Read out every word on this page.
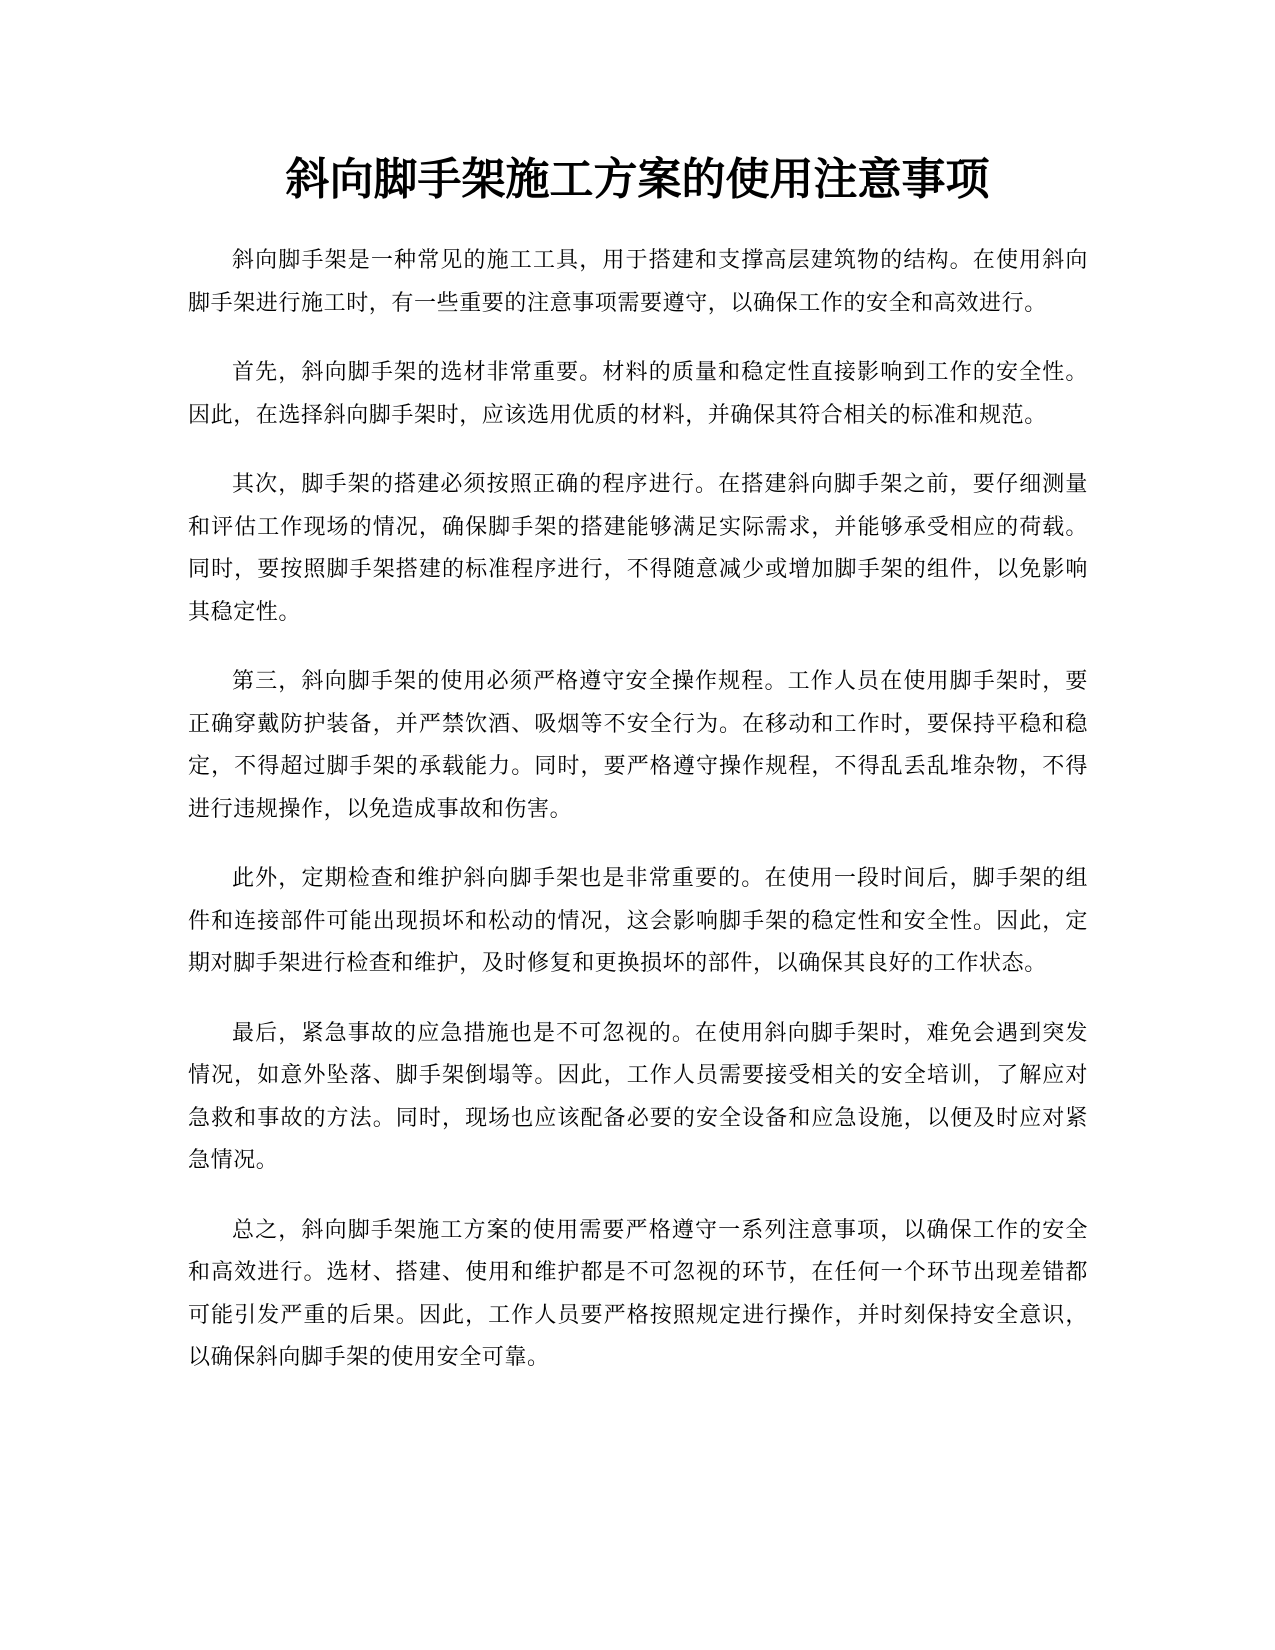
斜向脚手架施工方案的使用注意事项

斜向脚手架是一种常见的施工工具，用于搭建和支撑高层建筑物的结构。在使用斜向脚手架进行施工时，有一些重要的注意事项需要遵守，以确保工作的安全和高效进行。

首先，斜向脚手架的选材非常重要。材料的质量和稳定性直接影响到工作的安全性。因此，在选择斜向脚手架时，应该选用优质的材料，并确保其符合相关的标准和规范。

其次，脚手架的搭建必须按照正确的程序进行。在搭建斜向脚手架之前，要仔细测量和评估工作现场的情况，确保脚手架的搭建能够满足实际需求，并能够承受相应的荷载。同时，要按照脚手架搭建的标准程序进行，不得随意减少或增加脚手架的组件，以免影响其稳定性。

第三，斜向脚手架的使用必须严格遵守安全操作规程。工作人员在使用脚手架时，要正确穿戴防护装备，并严禁饮酒、吸烟等不安全行为。在移动和工作时，要保持平稳和稳定，不得超过脚手架的承载能力。同时，要严格遵守操作规程，不得乱丢乱堆杂物，不得进行违规操作，以免造成事故和伤害。

此外，定期检查和维护斜向脚手架也是非常重要的。在使用一段时间后，脚手架的组件和连接部件可能出现损坏和松动的情况，这会影响脚手架的稳定性和安全性。因此，定期对脚手架进行检查和维护，及时修复和更换损坏的部件，以确保其良好的工作状态。

最后，紧急事故的应急措施也是不可忽视的。在使用斜向脚手架时，难免会遇到突发情况，如意外坠落、脚手架倒塌等。因此，工作人员需要接受相关的安全培训，了解应对急救和事故的方法。同时，现场也应该配备必要的安全设备和应急设施，以便及时应对紧急情况。

总之，斜向脚手架施工方案的使用需要严格遵守一系列注意事项，以确保工作的安全和高效进行。选材、搭建、使用和维护都是不可忽视的环节，在任何一个环节出现差错都可能引发严重的后果。因此，工作人员要严格按照规定进行操作，并时刻保持安全意识，以确保斜向脚手架的使用安全可靠。
